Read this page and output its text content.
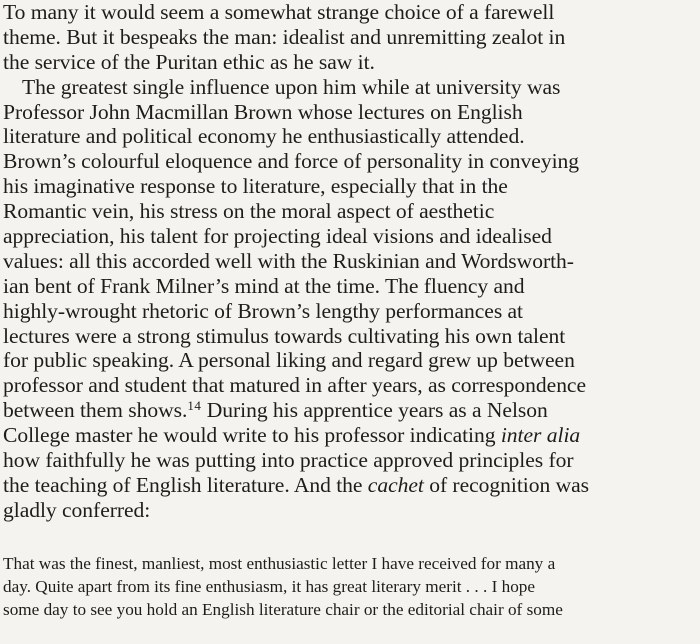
To many it would seem a somewhat strange choice of a farewell
theme. But it bespeaks the man: idealist and unremitting zealot in
the service of the Puritan ethic as he saw it.
The greatest single influence upon him while at university was
Professor John Macmillan Brown whose lectures on English
literature and political economy he enthusiastically attended.
Brown’s colourful eloquence and force of personality in conveying
his imaginative response to literature, especially that in the
Romantic vein, his stress on the moral aspect of aesthetic
appreciation, his talent for projecting ideal visions and idealised
values: all this accorded well with the Ruskinian and Wordsworth-
ian bent of Frank Milner’s mind at the time. The fluency and
highly-wrought rhetoric of Brown’s lengthy performances at
lectures were a strong stimulus towards cultivating his own talent
for public speaking. A personal liking and regard grew up between
professor and student that matured in after years, as correspondence
between them shows.$^{14}$ During his apprentice years as a Nelson
College master he would write to his professor indicating inter alia
how faithfully he was putting into practice approved principles for
the teaching of English literature. And the cachet of recognition was
gladly conferred:
That was the finest, manliest, most enthusiastic letter I have received for many a
day. Quite apart from its fine enthusiasm, it has great literary merit . . . I hope
some day to see you hold an English literature chair or the editorial chair of some
